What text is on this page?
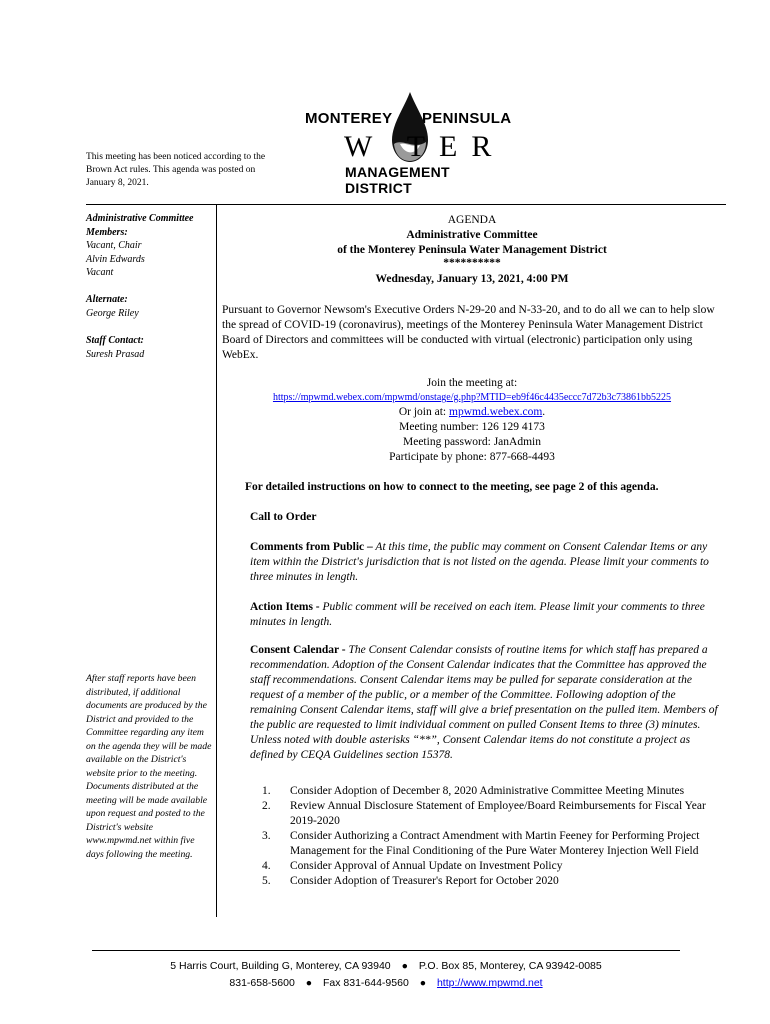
MONTEREY PENINSULA
W TER
MANAGEMENT DISTRICT
This meeting has been noticed according to the Brown Act rules. This agenda was posted on January 8, 2021.
Administrative Committee Members:
Vacant, Chair
Alvin Edwards
Vacant
Alternate:
George Riley
Staff Contact:
Suresh Prasad
After staff reports have been distributed, if additional documents are produced by the District and provided to the Committee regarding any item on the agenda they will be made available on the District's website prior to the meeting. Documents distributed at the meeting will be made available upon request and posted to the District's website www.mpwmd.net within five days following the meeting.
AGENDA
Administrative Committee
of the Monterey Peninsula Water Management District
**********
Wednesday, January 13, 2021, 4:00 PM
Pursuant to Governor Newsom's Executive Orders N-29-20 and N-33-20, and to do all we can to help slow the spread of COVID-19 (coronavirus), meetings of the Monterey Peninsula Water Management District Board of Directors and committees will be conducted with virtual (electronic) participation only using WebEx.
Join the meeting at:
https://mpwmd.webex.com/mpwmd/onstage/g.php?MTID=eb9f46c4435eccc7d72b3c73861bb5225
Or join at: mpwmd.webex.com.
Meeting number: 126 129 4173
Meeting password: JanAdmin
Participate by phone: 877-668-4493
For detailed instructions on how to connect to the meeting, see page 2 of this agenda.
Call to Order
Comments from Public – At this time, the public may comment on Consent Calendar Items or any item within the District's jurisdiction that is not listed on the agenda. Please limit your comments to three minutes in length.
Action Items - Public comment will be received on each item. Please limit your comments to three minutes in length.
Consent Calendar - The Consent Calendar consists of routine items for which staff has prepared a recommendation. Adoption of the Consent Calendar indicates that the Committee has approved the staff recommendations. Consent Calendar items may be pulled for separate consideration at the request of a member of the public, or a member of the Committee. Following adoption of the remaining Consent Calendar items, staff will give a brief presentation on the pulled item. Members of the public are requested to limit individual comment on pulled Consent Items to three (3) minutes. Unless noted with double asterisks “**”, Consent Calendar items do not constitute a project as defined by CEQA Guidelines section 15378.
1.	Consider Adoption of December 8, 2020 Administrative Committee Meeting Minutes
2.	Review Annual Disclosure Statement of Employee/Board Reimbursements for Fiscal Year 2019-2020
3.	Consider Authorizing a Contract Amendment with Martin Feeney for Performing Project Management for the Final Conditioning of the Pure Water Monterey Injection Well Field
4.	Consider Approval of Annual Update on Investment Policy
5.	Consider Adoption of Treasurer's Report for October 2020
5 Harris Court, Building G, Monterey, CA 93940 ● P.O. Box 85, Monterey, CA 93942-0085
831-658-5600 ● Fax 831-644-9560 ● http://www.mpwmd.net
